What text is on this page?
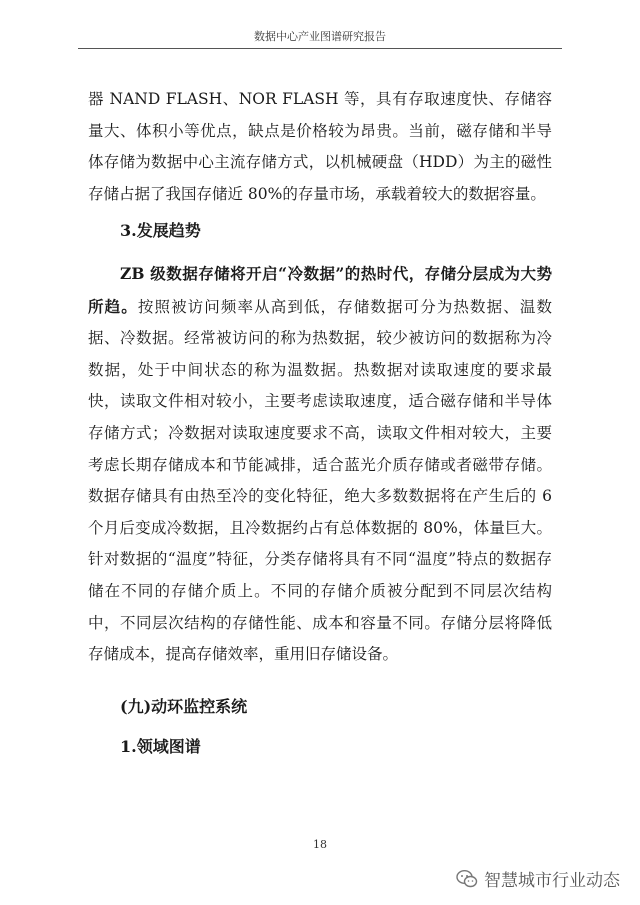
数据中心产业图谱研究报告
器 NAND FLASH、NOR FLASH 等，具有存取速度快、存储容量大、体积小等优点，缺点是价格较为昂贵。当前，磁存储和半导体存储为数据中心主流存储方式，以机械硬盘（HDD）为主的磁性存储占据了我国存储近 80%的存量市场，承载着较大的数据容量。
3.发展趋势
ZB 级数据存储将开启“冷数据”的热时代，存储分层成为大势所趋。按照被访问频率从高到低，存储数据可分为热数据、温数据、冷数据。经常被访问的称为热数据，较少被访问的数据称为冷数据，处于中间状态的称为温数据。热数据对读取速度的要求最快，读取文件相对较小，主要考虑读取速度，适合磁存储和半导体存储方式；冷数据对读取速度要求不高，读取文件相对较大，主要考虑长期存储成本和节能减排，适合蓝光介质存储或者磁带存储。数据存储具有由热至冷的变化特征，绝大多数数据将在产生后的 6 个月后变成冷数据，且冷数据约占有总体数据的 80%，体量巨大。针对数据的“温度”特征，分类存储将具有不同“温度”特点的数据存储在不同的存储介质上。不同的存储介质被分配到不同层次结构中，不同层次结构的存储性能、成本和容量不同。存储分层将降低存储成本，提高存储效率，重用旧存储设备。
(九)动环监控系统
1.领域图谱
18
智慧城市行业动态
